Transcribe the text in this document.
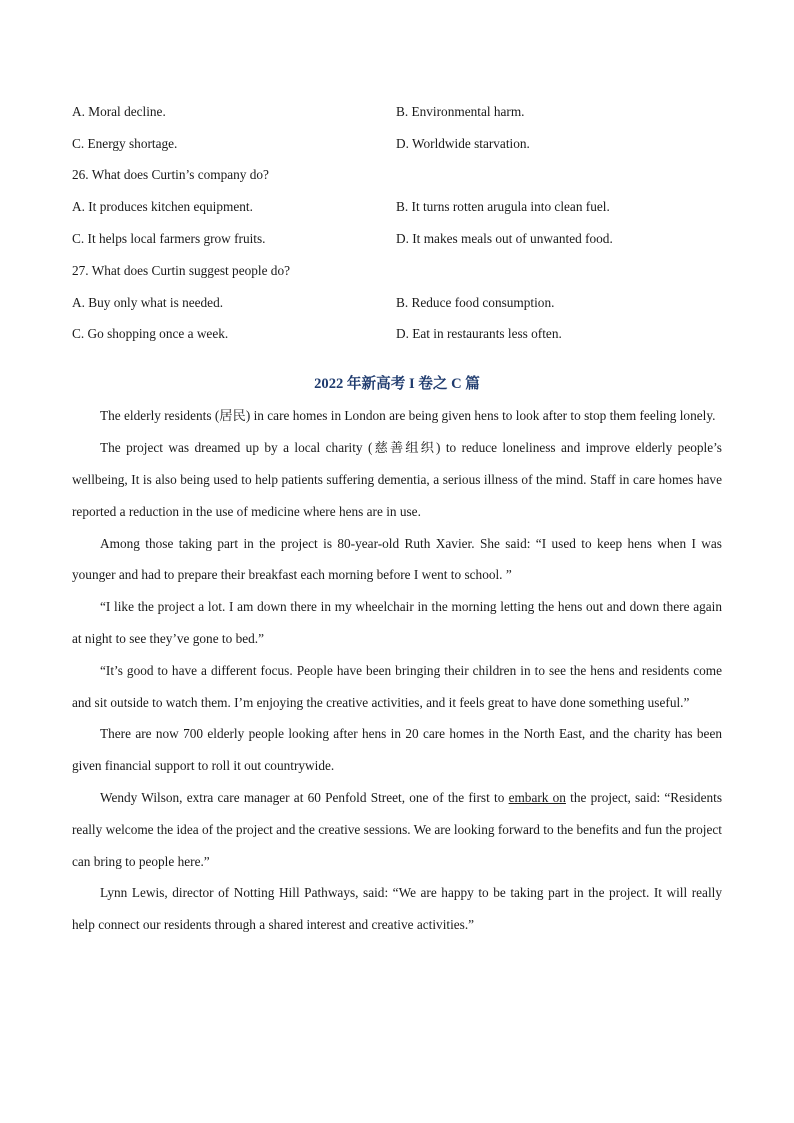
A. Moral decline.	B. Environmental harm.
C. Energy shortage.	D. Worldwide starvation.
26. What does Curtin’s company do?
A. It produces kitchen equipment.	B. It turns rotten arugula into clean fuel.
C. It helps local farmers grow fruits.	D. It makes meals out of unwanted food.
27. What does Curtin suggest people do?
A. Buy only what is needed.	B. Reduce food consumption.
C. Go shopping once a week.	D. Eat in restaurants less often.
2022 年新高考 I 卷之 C 篇

The elderly residents (居民) in care homes in London are being given hens to look after to stop them feeling lonely.

The project was dreamed up by a local charity (慈善组织) to reduce loneliness and improve elderly people’s wellbeing, It is also being used to help patients suffering dementia, a serious illness of the mind. Staff in care homes have reported a reduction in the use of medicine where hens are in use.

Among those taking part in the project is 80-year-old Ruth Xavier. She said: “I used to keep hens when I was younger and had to prepare their breakfast each morning before I went to school. ”

“I like the project a lot. I am down there in my wheelchair in the morning letting the hens out and down there again at night to see they’ve gone to bed.”

“It’s good to have a different focus. People have been bringing their children in to see the hens and residents come and sit outside to watch them. I’m enjoying the creative activities, and it feels great to have done something useful.”

There are now 700 elderly people looking after hens in 20 care homes in the North East, and the charity has been given financial support to roll it out countrywide.

Wendy Wilson, extra care manager at 60 Penfold Street, one of the first to embark on the project, said: “Residents really welcome the idea of the project and the creative sessions. We are looking forward to the benefits and fun the project can bring to people here.”

Lynn Lewis, director of Notting Hill Pathways, said: “We are happy to be taking part in the project. It will really help connect our residents through a shared interest and creative activities.”
